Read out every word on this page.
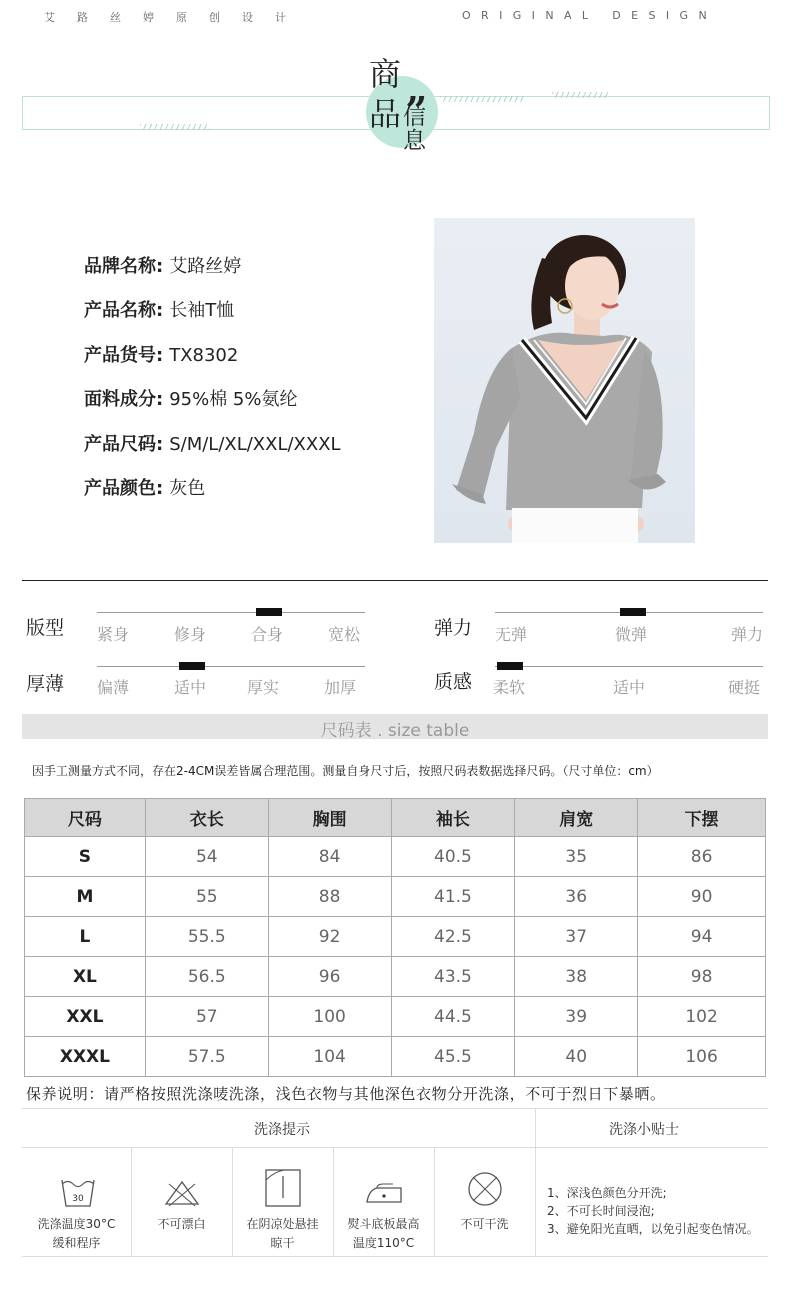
艾路丝婷原创设计	ORIGINAL DESIGN
商
品
„
信
息
品牌名称: 艾路丝婷
产品名称: 长袖T恤
产品货号: TX8302
面料成分: 95%棉 5%氨纶
产品尺码: S/M/L/XL/XXL/XXXL
产品颜色: 灰色
版型 紧身	修身	合身	宽松	弹力 无弹	微弹	弹力
厚薄 偏薄	适中	厚实	加厚	质感 柔软	适中	硬挺
尺码表 . size table
因手工测量方式不同，存在2-4CM误差皆属合理范围。测量自身尺寸后，按照尺码表数据选择尺码。（尺寸单位：cm）
尺码	衣长	胸围	袖长	肩宽	下摆
S	54	84	40.5	35	86
M	55	88	41.5	36	90
L	55.5	92	42.5	37	94
XL	56.5	96	43.5	38	98
XXL	57	100	44.5	39	102
XXXL	57.5	104	45.5	40	106
保养说明：请严格按照洗涤唛洗涤，浅色衣物与其他深色衣物分开洗涤，不可于烈日下暴晒。
洗涤提示	洗涤小贴士
30
洗涤温度30°C
缓和程序
不可漂白	在阴凉处悬挂
晾干
熨斗底板最高
温度110°C
不可干洗
1、深浅色颜色分开洗;
2、不可长时间浸泡;
3、避免阳光直晒，以免引起变色情况。
